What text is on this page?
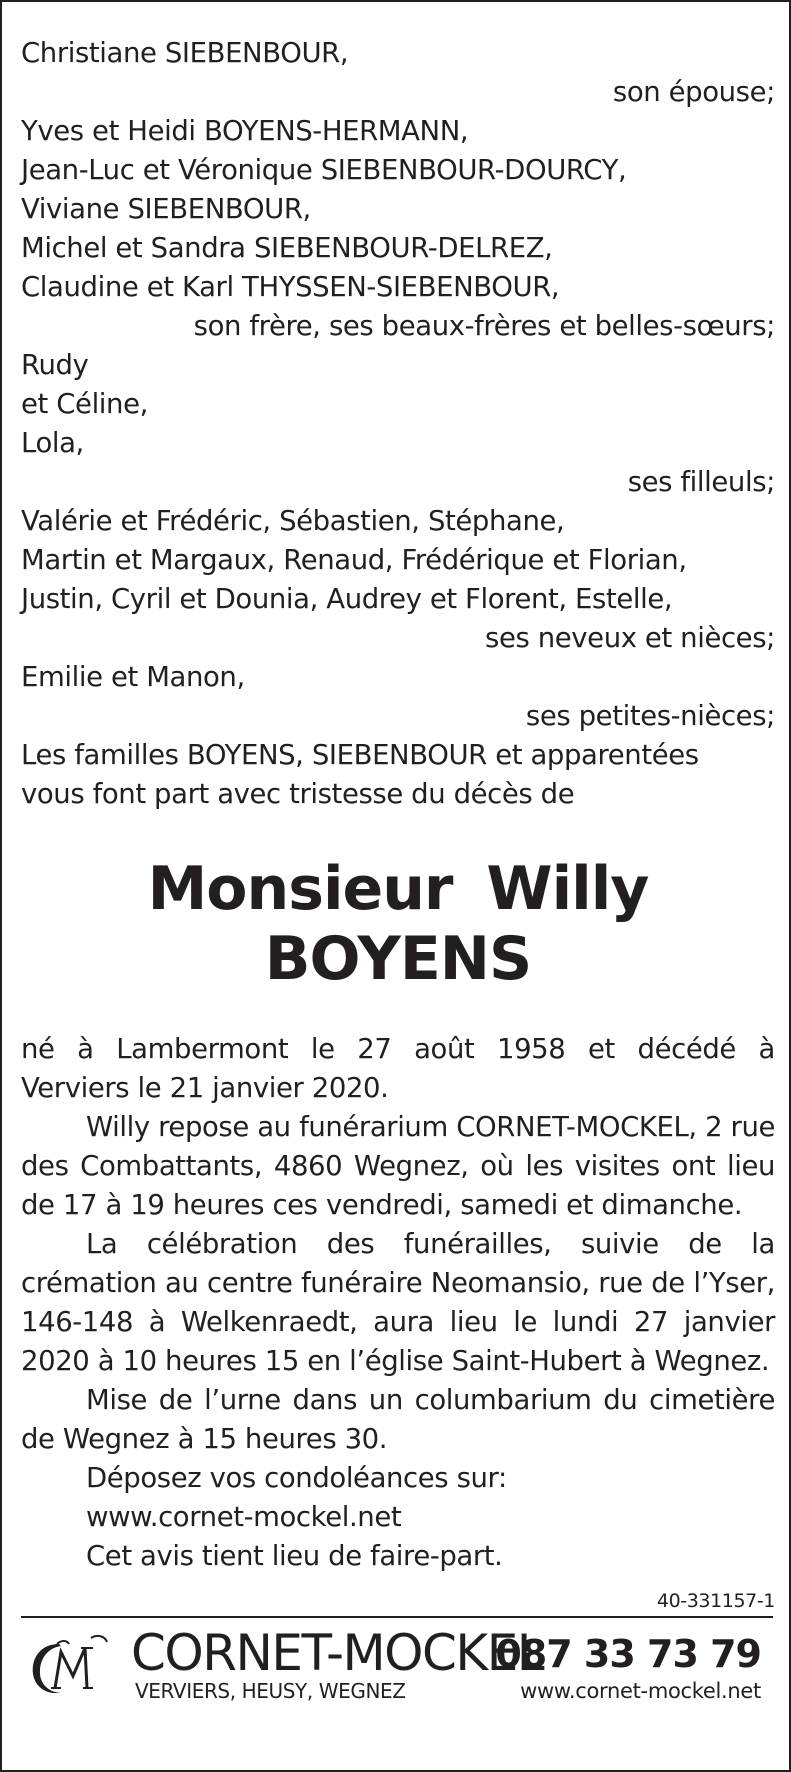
Christiane SIEBENBOUR,
son épouse;
Yves et Heidi BOYENS-HERMANN,
Jean-Luc et Véronique SIEBENBOUR-DOURCY,
Viviane SIEBENBOUR,
Michel et Sandra SIEBENBOUR-DELREZ,
Claudine et Karl THYSSEN-SIEBENBOUR,
son frère, ses beaux-frères et belles-sœurs;
Rudy
et Céline,
Lola,
ses filleuls;
Valérie et Frédéric, Sébastien, Stéphane,
Martin et Margaux, Renaud, Frédérique et Florian,
Justin, Cyril et Dounia, Audrey et Florent, Estelle,
ses neveux et nièces;
Emilie et Manon,
ses petites-nièces;
Les familles BOYENS, SIEBENBOUR et apparentées
vous font part avec tristesse du décès de
Monsieur Willy BOYENS
né à Lambermont le 27 août 1958 et décédé à
Verviers le 21 janvier 2020.
Willy repose au funérarium CORNET-MOCKEL, 2 rue des Combattants, 4860 Wegnez, où les visites ont lieu de 17 à 19 heures ces vendredi, samedi et dimanche.
La célébration des funérailles, suivie de la crémation au centre funéraire Neomansio, rue de l’Yser, 146-148 à Welkenraedt, aura lieu le lundi 27 janvier 2020 à 10 heures 15 en l’église Saint-Hubert à Wegnez.
Mise de l’urne dans un columbarium du cimetière de Wegnez à 15 heures 30.
Déposez vos condoléances sur:
www.cornet-mockel.net
Cet avis tient lieu de faire-part.
40-331157-1
CORNET-MOCKEL
VERVIERS, HEUSY, WEGNEZ
087 33 73 79
www.cornet-mockel.net
